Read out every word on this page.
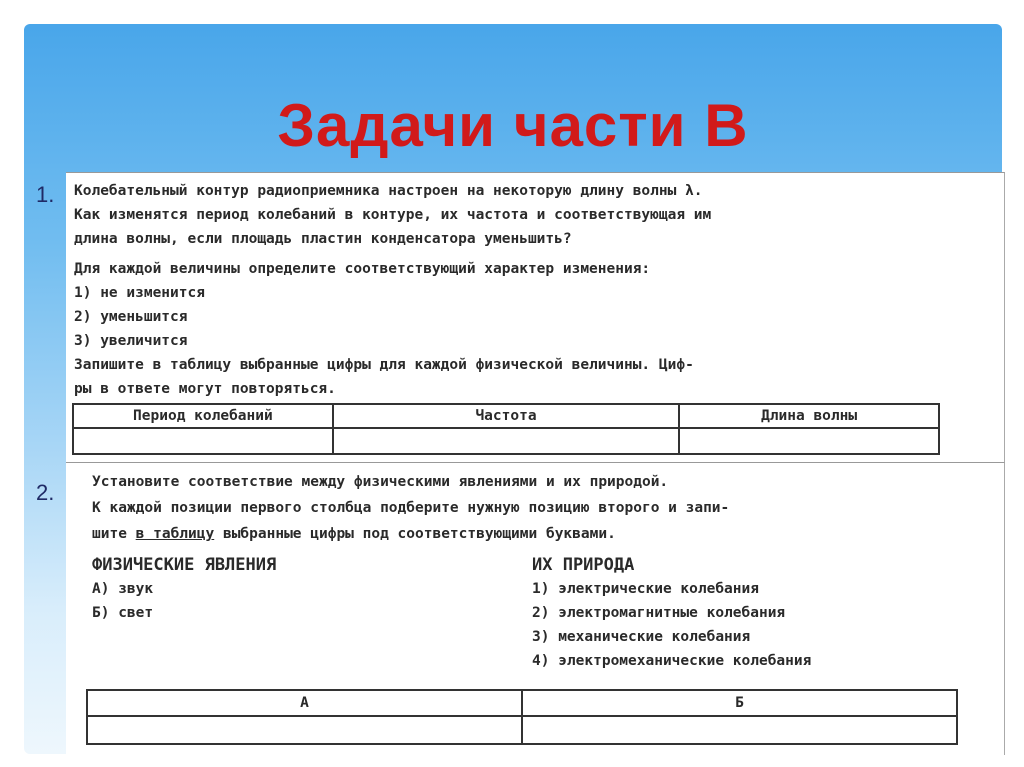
Задачи части В
1.
2.

Колебательный контур радиоприемника настроен на некоторую длину волны λ.

Как изменятся период колебаний в контуре, их частота и соответствующая им

длина волны, если площадь пластин конденсатора уменьшить?

Для каждой величины определите соответствующий характер изменения:

1) не изменится

2) уменьшится

3) увеличится

Запишите в таблицу выбранные цифры для каждой физической величины. Циф-

ры в ответе могут повторяться.

Период колебаний	Частота	Длина волны

Установите соответствие между физическими явлениями и их природой.

К каждой позиции первого столбца подберите нужную позицию второго и запи-

шите в таблицу выбранные цифры под соответствующими буквами.

ФИЗИЧЕСКИЕ ЯВЛЕНИЯ

А) звук

Б) свет

ИХ ПРИРОДА

1) электрические колебания

2) электромагнитные колебания

3) механические колебания

4) электромеханические колебания

А	Б
